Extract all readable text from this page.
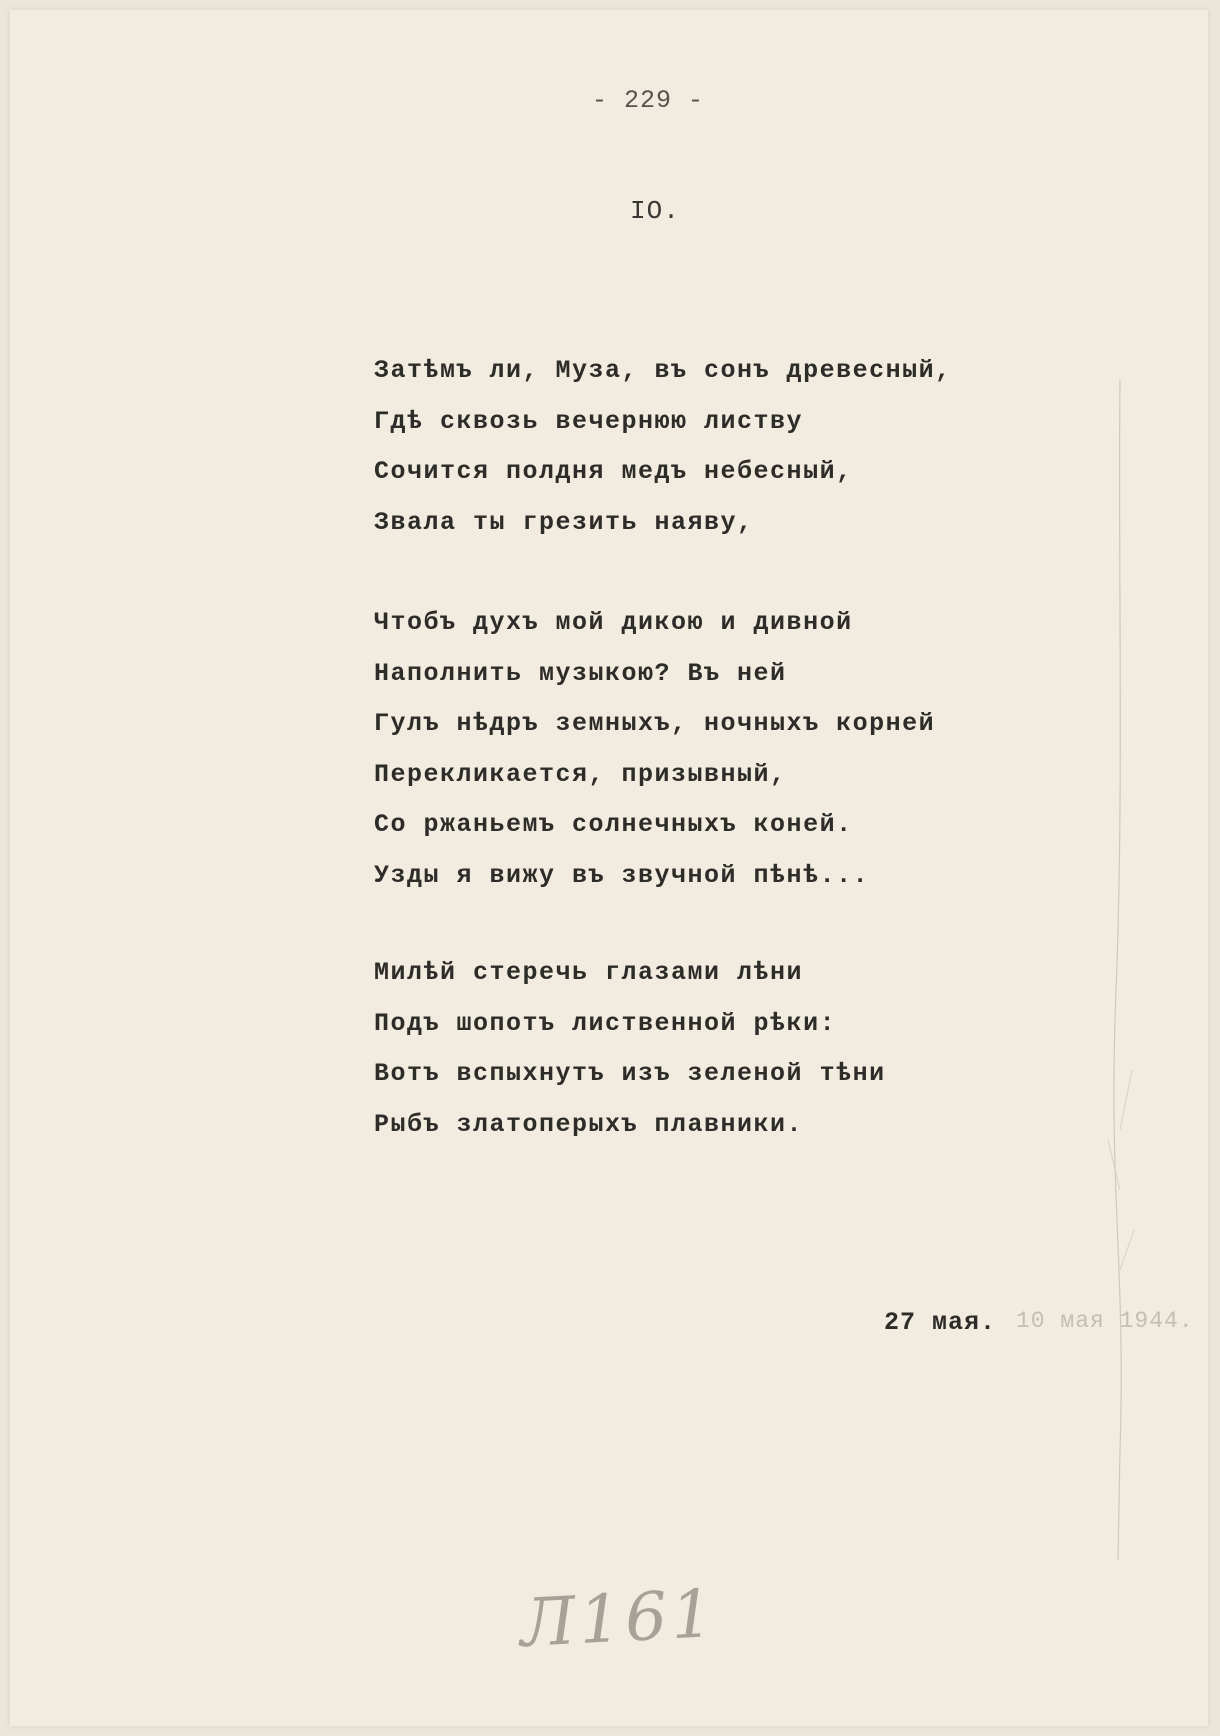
- 229 -
IO.
Затѣмъ ли, Муза, въ сонъ древесный,
Гдѣ сквозь вечернюю листву
Сочится полдня медъ небесный,
Звала ты грезить наяву,
Чтобъ духъ мой дикою и дивной
Наполнить музыкою? Въ ней
Гулъ нѣдръ земныхъ, ночныхъ корней
Перекликается, призывный,
Со ржаньемъ солнечныхъ коней.
Узды я вижу въ звучной пѣнѣ...
Милѣй стеречь глазами лѣни
Подъ шопотъ лиственной рѣки:
Вотъ вспыхнутъ изъ зеленой тѣни
Рыбъ златоперыхъ плавники.
27 мая. 10 мая 1944.
Л161
